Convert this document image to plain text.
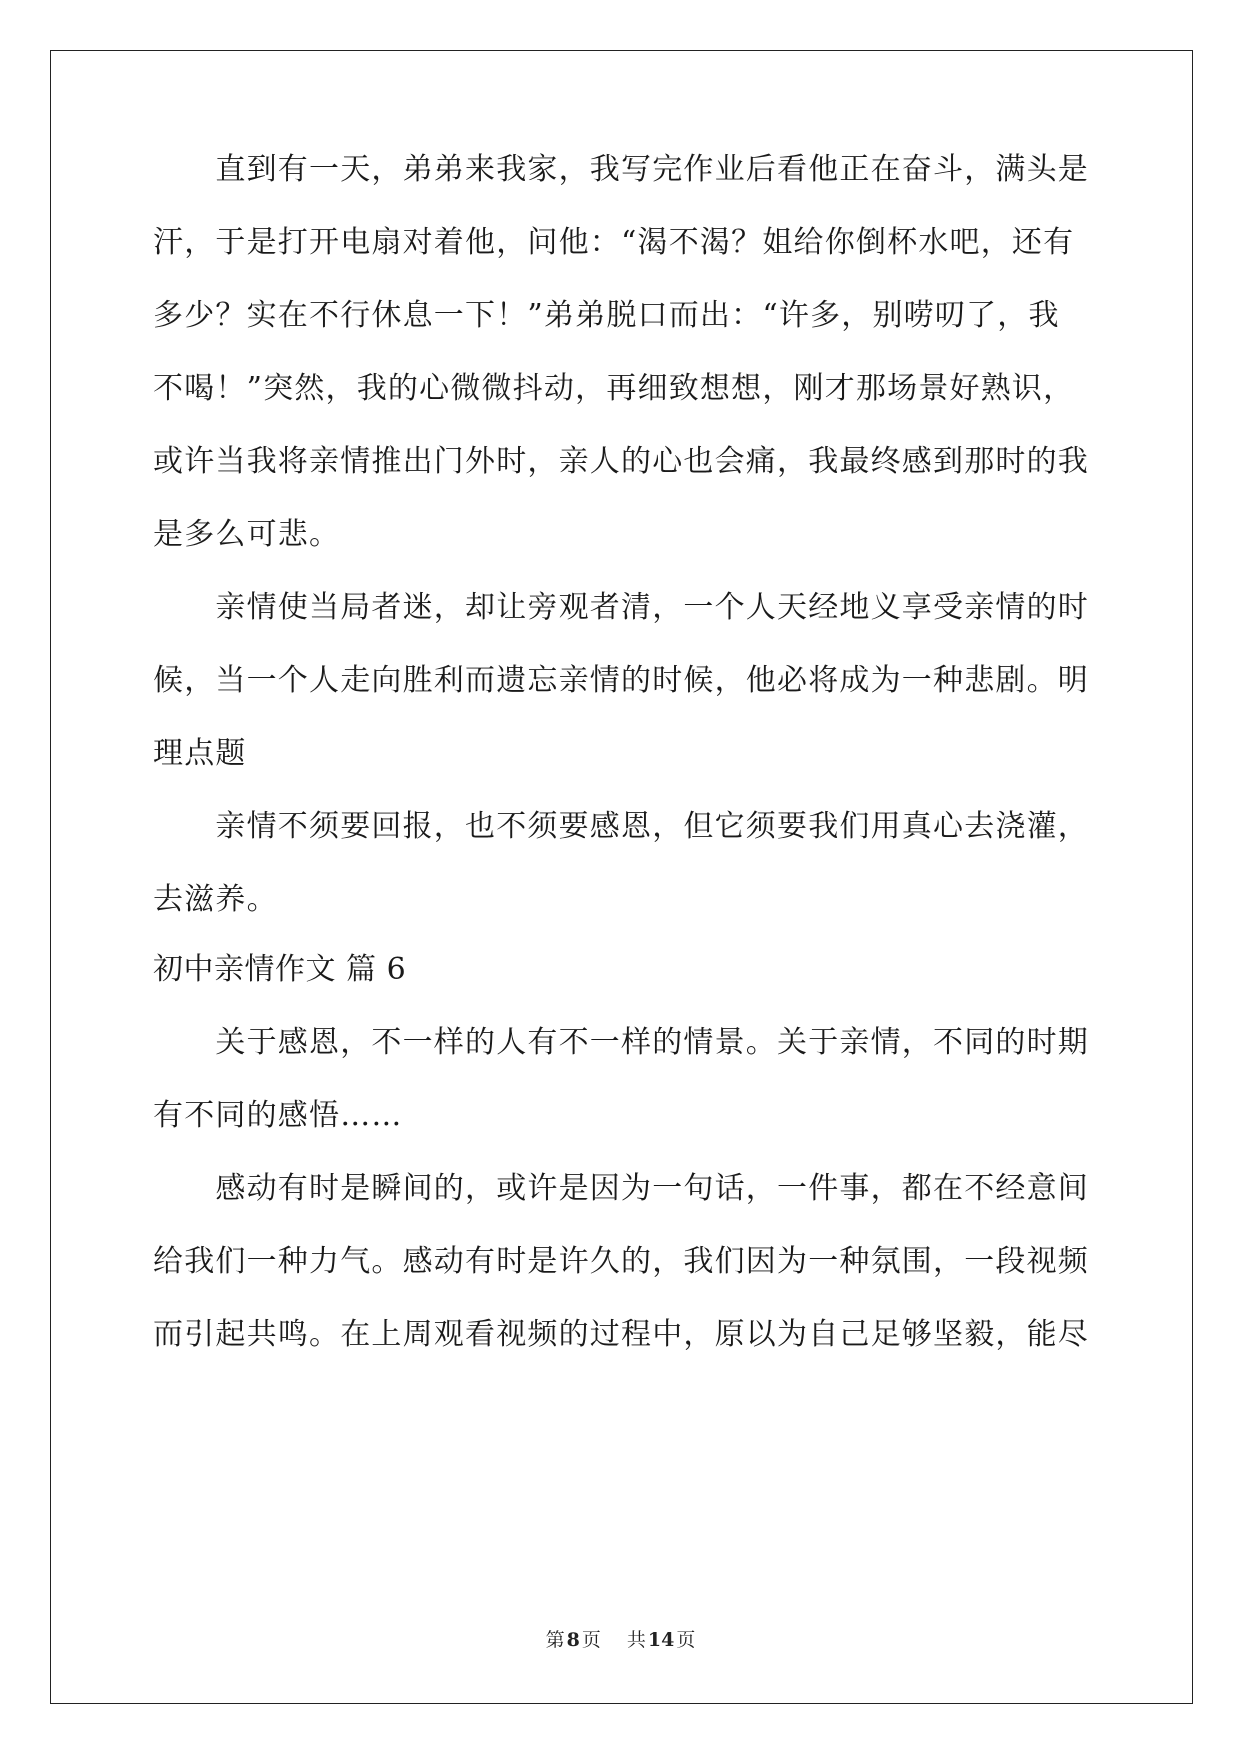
　　直到有一天，弟弟来我家，我写完作业后看他正在奋斗，满头是
汗，于是打开电扇对着他，问他：“渴不渴？姐给你倒杯水吧，还有
多少？实在不行休息一下！”弟弟脱口而出：“许多，别唠叨了，我
不喝！”突然，我的心微微抖动，再细致想想，刚才那场景好熟识，
或许当我将亲情推出门外时，亲人的心也会痛，我最终感到那时的我
是多么可悲。
　　亲情使当局者迷，却让旁观者清，一个人天经地义享受亲情的时
候，当一个人走向胜利而遗忘亲情的时候，他必将成为一种悲剧。明
理点题
　　亲情不须要回报，也不须要感恩，但它须要我们用真心去浇灌，
去滋养。
初中亲情作文 篇 6
　　关于感恩，不一样的人有不一样的情景。关于亲情，不同的时期
有不同的感悟……
　　感动有时是瞬间的，或许是因为一句话，一件事，都在不经意间
给我们一种力气。感动有时是许久的，我们因为一种氛围，一段视频
而引起共鸣。在上周观看视频的过程中，原以为自己足够坚毅，能尽
第 8 页 共 14 页
